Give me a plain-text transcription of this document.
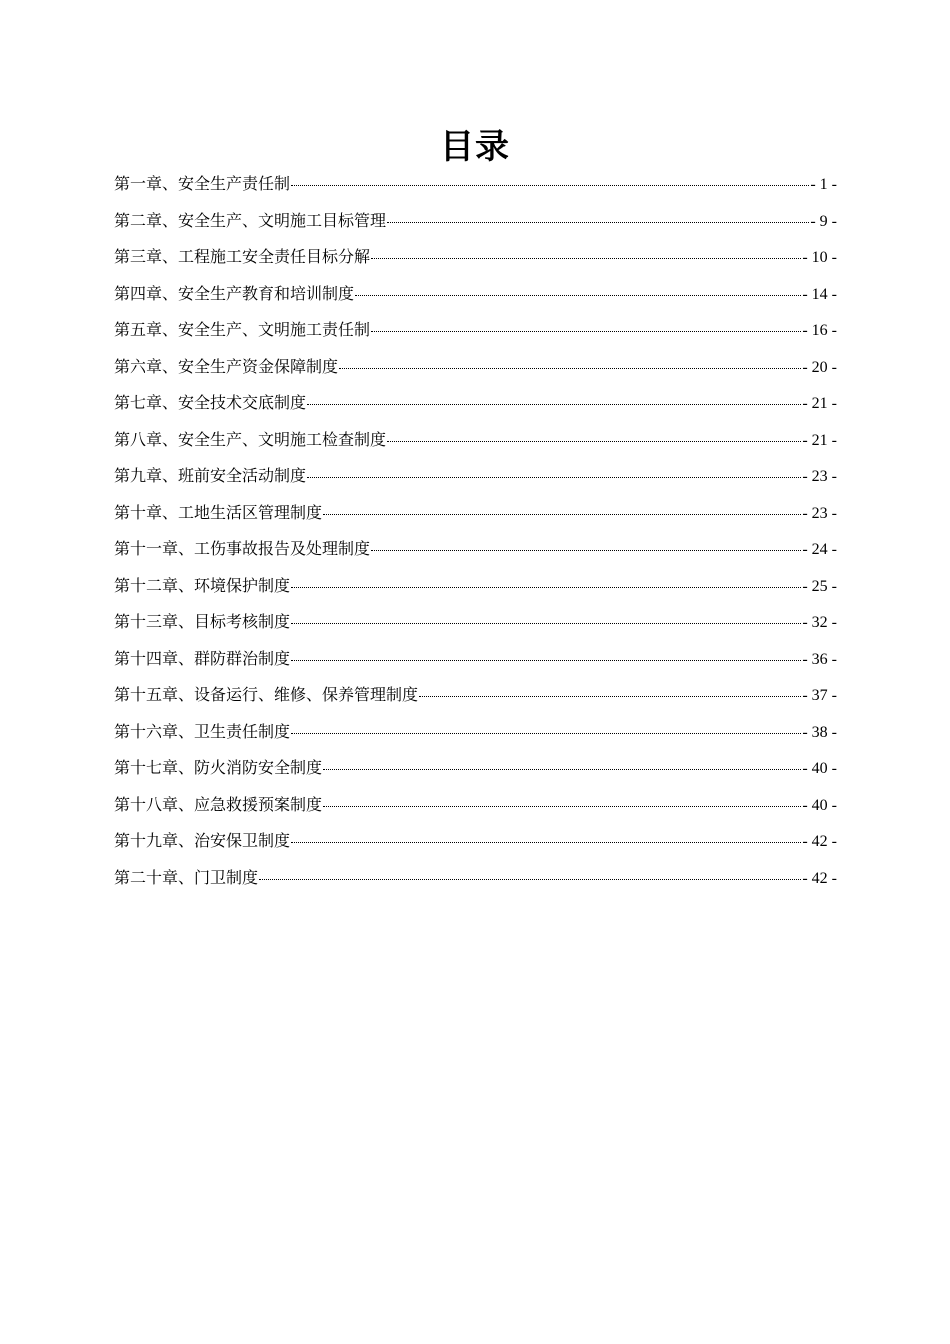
目录
第一章、安全生产责任制	- 1 -
第二章、安全生产、文明施工目标管理	- 9 -
第三章、工程施工安全责任目标分解	- 10 -
第四章、安全生产教育和培训制度	- 14 -
第五章、安全生产、文明施工责任制	- 16 -
第六章、安全生产资金保障制度	- 20 -
第七章、安全技术交底制度	- 21 -
第八章、安全生产、文明施工检查制度	- 21 -
第九章、班前安全活动制度	- 23 -
第十章、工地生活区管理制度	- 23 -
第十一章、工伤事故报告及处理制度	- 24 -
第十二章、环境保护制度	- 25 -
第十三章、目标考核制度	- 32 -
第十四章、群防群治制度	- 36 -
第十五章、设备运行、维修、保养管理制度	- 37 -
第十六章、卫生责任制度	- 38 -
第十七章、防火消防安全制度	- 40 -
第十八章、应急救援预案制度	- 40 -
第十九章、治安保卫制度	- 42 -
第二十章、门卫制度	- 42 -
